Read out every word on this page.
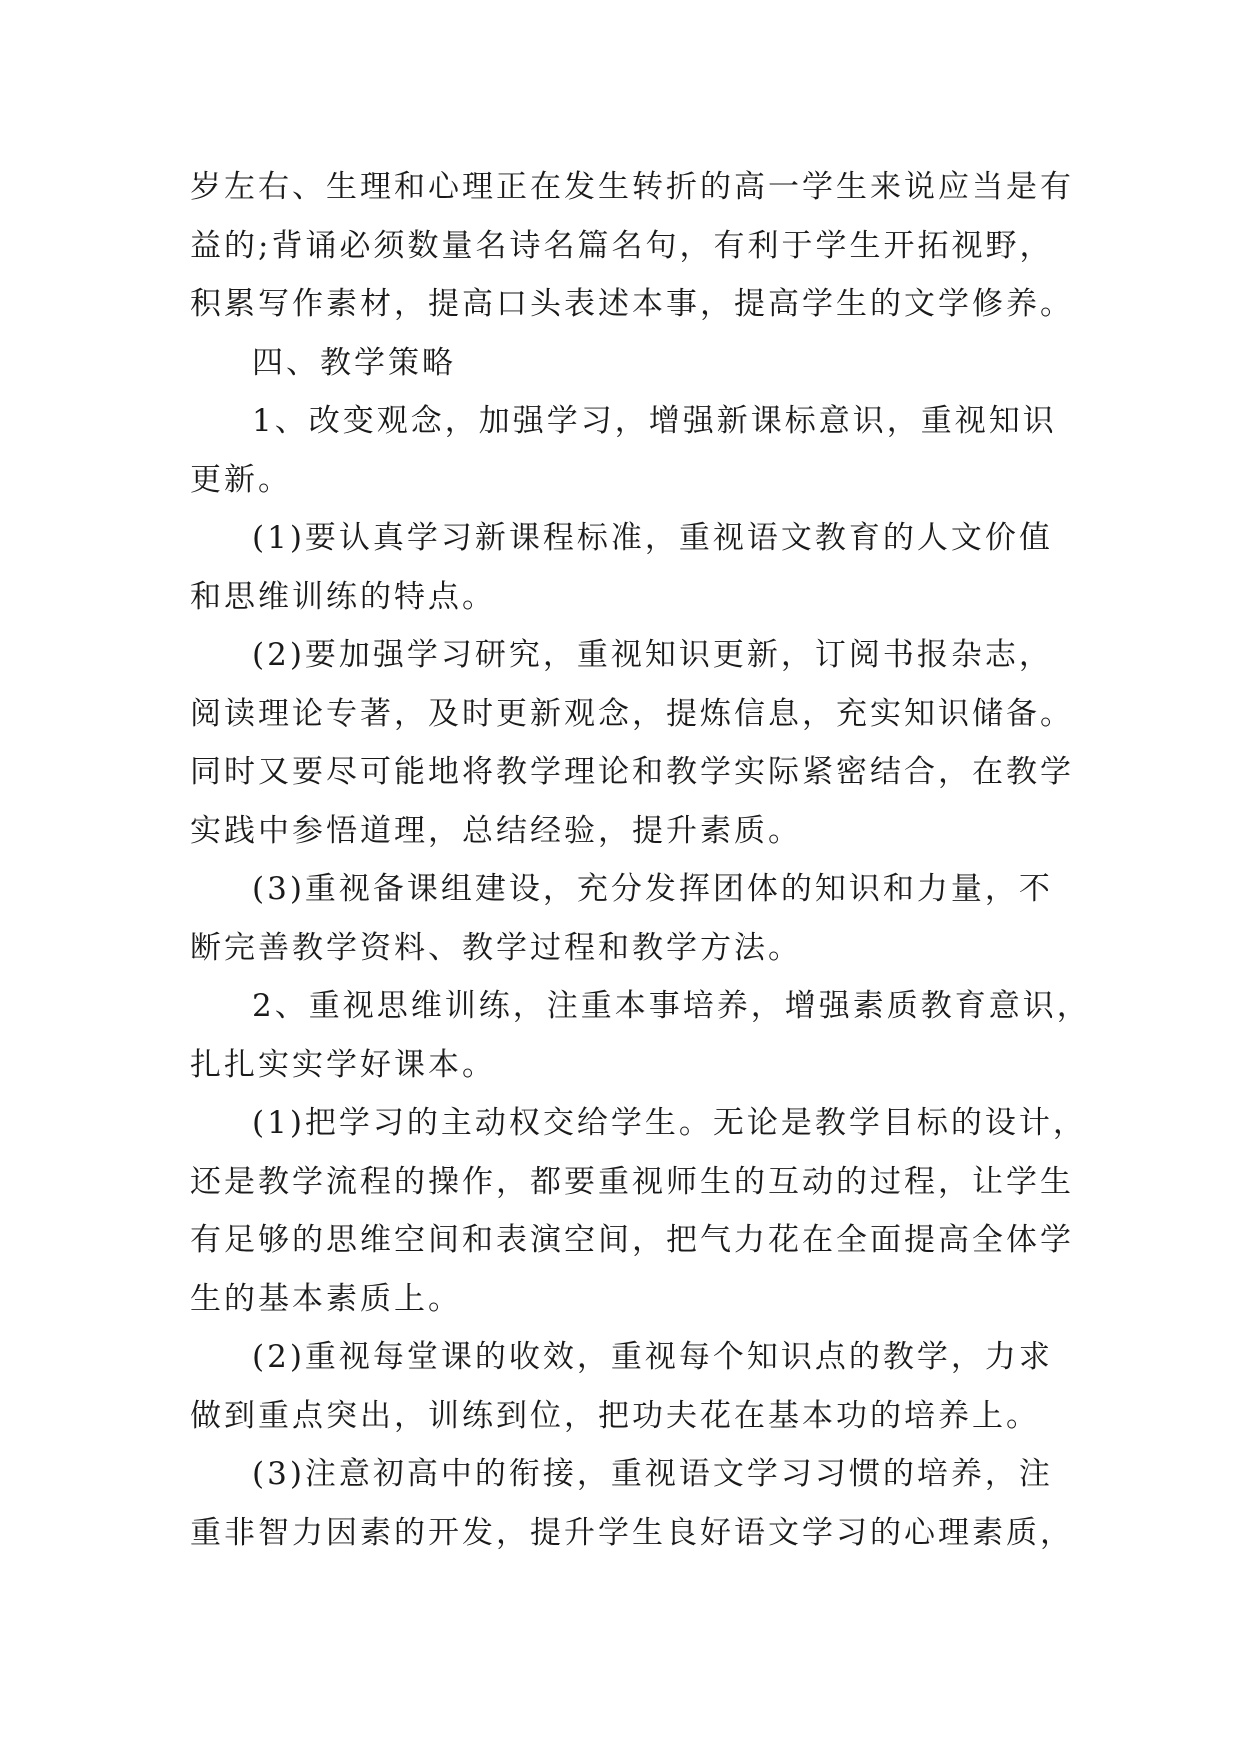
岁左右、生理和心理正在发生转折的高一学生来说应当是有
益的;背诵必须数量名诗名篇名句，有利于学生开拓视野，
积累写作素材，提高口头表述本事，提高学生的文学修养。
四、教学策略
1、改变观念，加强学习，增强新课标意识，重视知识
更新。
(1)要认真学习新课程标准，重视语文教育的人文价值
和思维训练的特点。
(2)要加强学习研究，重视知识更新，订阅书报杂志，
阅读理论专著，及时更新观念，提炼信息，充实知识储备。
同时又要尽可能地将教学理论和教学实际紧密结合，在教学
实践中参悟道理，总结经验，提升素质。
(3)重视备课组建设，充分发挥团体的知识和力量，不
断完善教学资料、教学过程和教学方法。
2、重视思维训练，注重本事培养，增强素质教育意识，
扎扎实实学好课本。
(1)把学习的主动权交给学生。无论是教学目标的设计，
还是教学流程的操作，都要重视师生的互动的过程，让学生
有足够的思维空间和表演空间，把气力花在全面提高全体学
生的基本素质上。
(2)重视每堂课的收效，重视每个知识点的教学，力求
做到重点突出，训练到位，把功夫花在基本功的培养上。
(3)注意初高中的衔接，重视语文学习习惯的培养，注
重非智力因素的开发，提升学生良好语文学习的心理素质，
